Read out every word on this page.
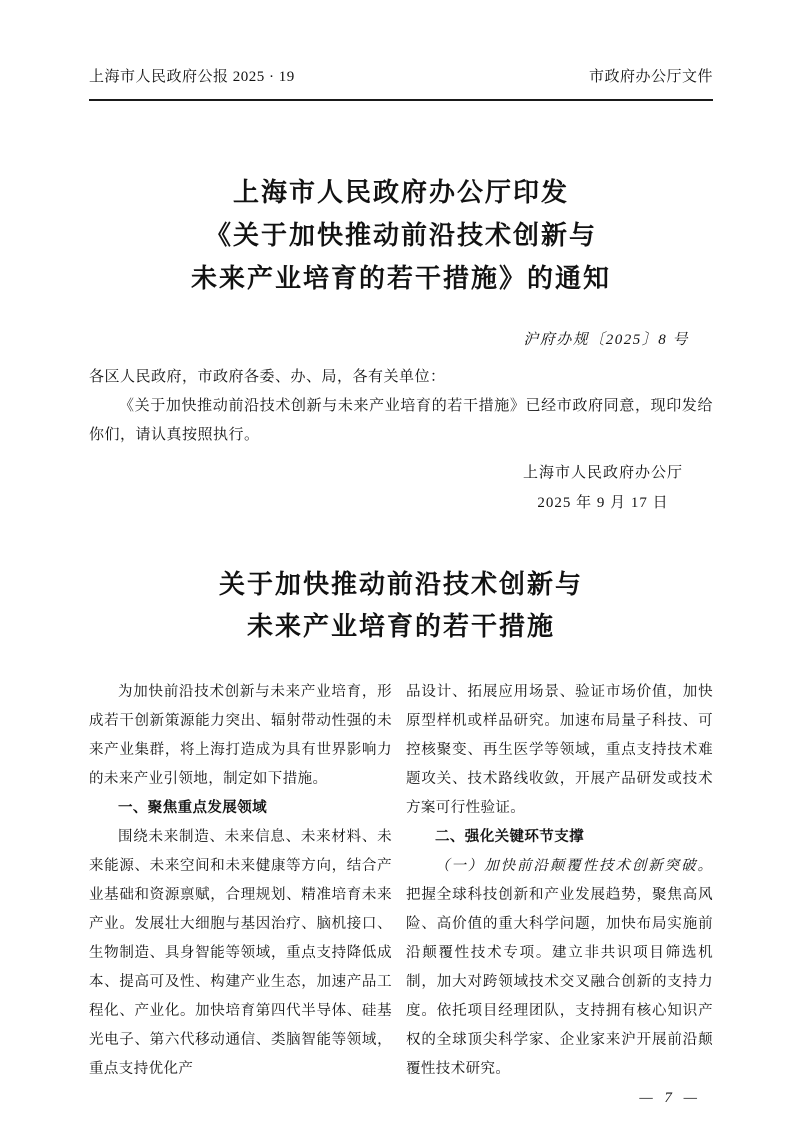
上海市人民政府公报 2025 · 19	市政府办公厅文件
上海市人民政府办公厅印发
《关于加快推动前沿技术创新与
未来产业培育的若干措施》的通知
沪府办规〔2025〕8 号
各区人民政府，市政府各委、办、局，各有关单位：

《关于加快推动前沿技术创新与未来产业培育的若干措施》已经市政府同意，现印发给你们，请认真按照执行。

上海市人民政府办公厅
2025 年 9 月 17 日
关于加快推动前沿技术创新与
未来产业培育的若干措施

为加快前沿技术创新与未来产业培育，形成若干创新策源能力突出、辐射带动性强的未来产业集群，将上海打造成为具有世界影响力的未来产业引领地，制定如下措施。

一、聚焦重点发展领域

围绕未来制造、未来信息、未来材料、未来能源、未来空间和未来健康等方向，结合产业基础和资源禀赋，合理规划、精准培育未来产业。发展壮大细胞与基因治疗、脑机接口、生物制造、具身智能等领域，重点支持降低成本、提高可及性、构建产业生态，加速产品工程化、产业化。加快培育第四代半导体、硅基光电子、第六代移动通信、类脑智能等领域，重点支持优化产

品设计、拓展应用场景、验证市场价值，加快原型样机或样品研究。加速布局量子科技、可控核聚变、再生医学等领域，重点支持技术难题攻关、技术路线收敛，开展产品研发或技术方案可行性验证。

二、强化关键环节支撑

（一）加快前沿颠覆性技术创新突破。把握全球科技创新和产业发展趋势，聚焦高风险、高价值的重大科学问题，加快布局实施前沿颠覆性技术专项。建立非共识项目筛选机制，加大对跨领域技术交叉融合创新的支持力度。依托项目经理团队，支持拥有核心知识产权的全球顶尖科学家、企业家来沪开展前沿颠覆性技术研究。

— 7 —
